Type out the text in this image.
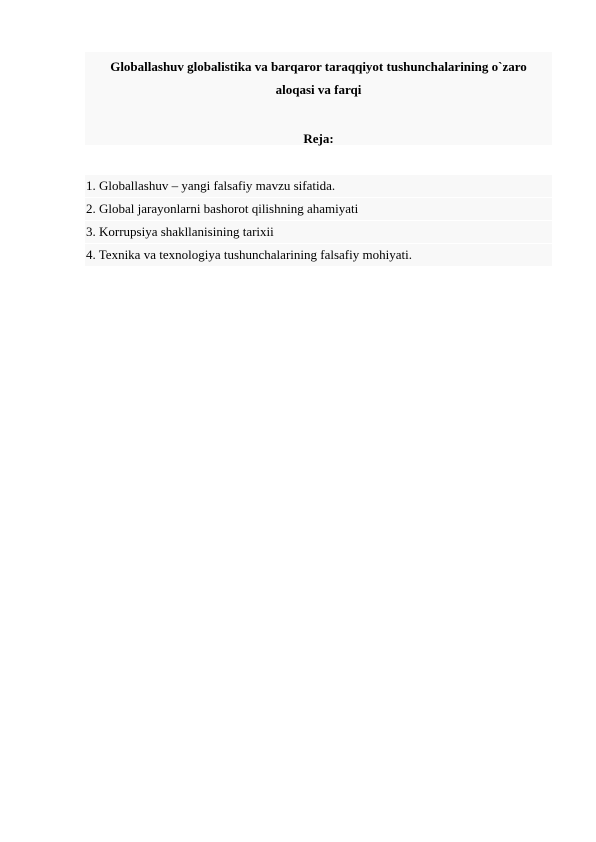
Globallashuv globalistika va barqaror taraqqiyot tushunchalarining o`zaro
aloqasi va farqi
Reja:
1. Globallashuv – yangi falsafiy mavzu sifatida.
2. Global jarayonlarni bashorot qilishning ahamiyati
3. Korrupsiya shakllanisining tarixii
4. Texnika va texnologiya tushunchalarining falsafiy mohiyati.
